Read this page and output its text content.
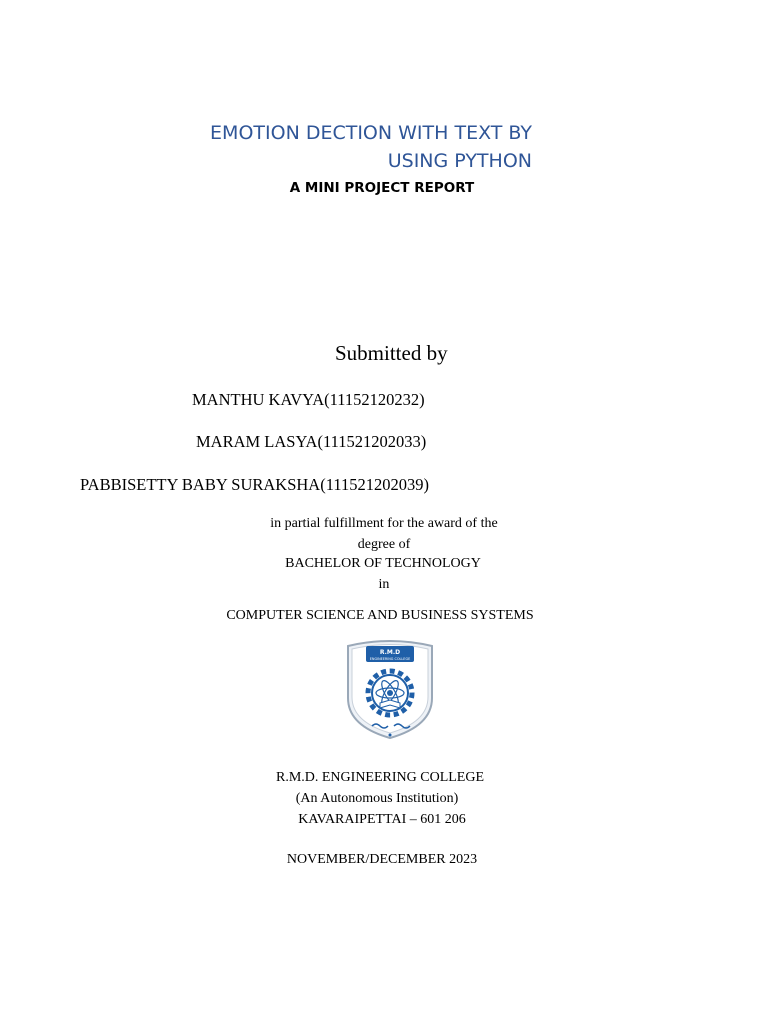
EMOTION DECTION WITH TEXT BY
USING PYTHON
A MINI PROJECT REPORT
Submitted by
MANTHU KAVYA(11152120232)
MARAM LASYA(111521202033)
PABBISETTY BABY SURAKSHA(111521202039)
in partial fulfillment for the award of the
degree of
BACHELOR OF TECHNOLOGY
in
COMPUTER SCIENCE AND BUSINESS SYSTEMS
R.M.D
ENGINEERING COLLEGE
R.M.D. ENGINEERING COLLEGE
(An Autonomous Institution)
KAVARAIPETTAI – 601 206
NOVEMBER/DECEMBER 2023
